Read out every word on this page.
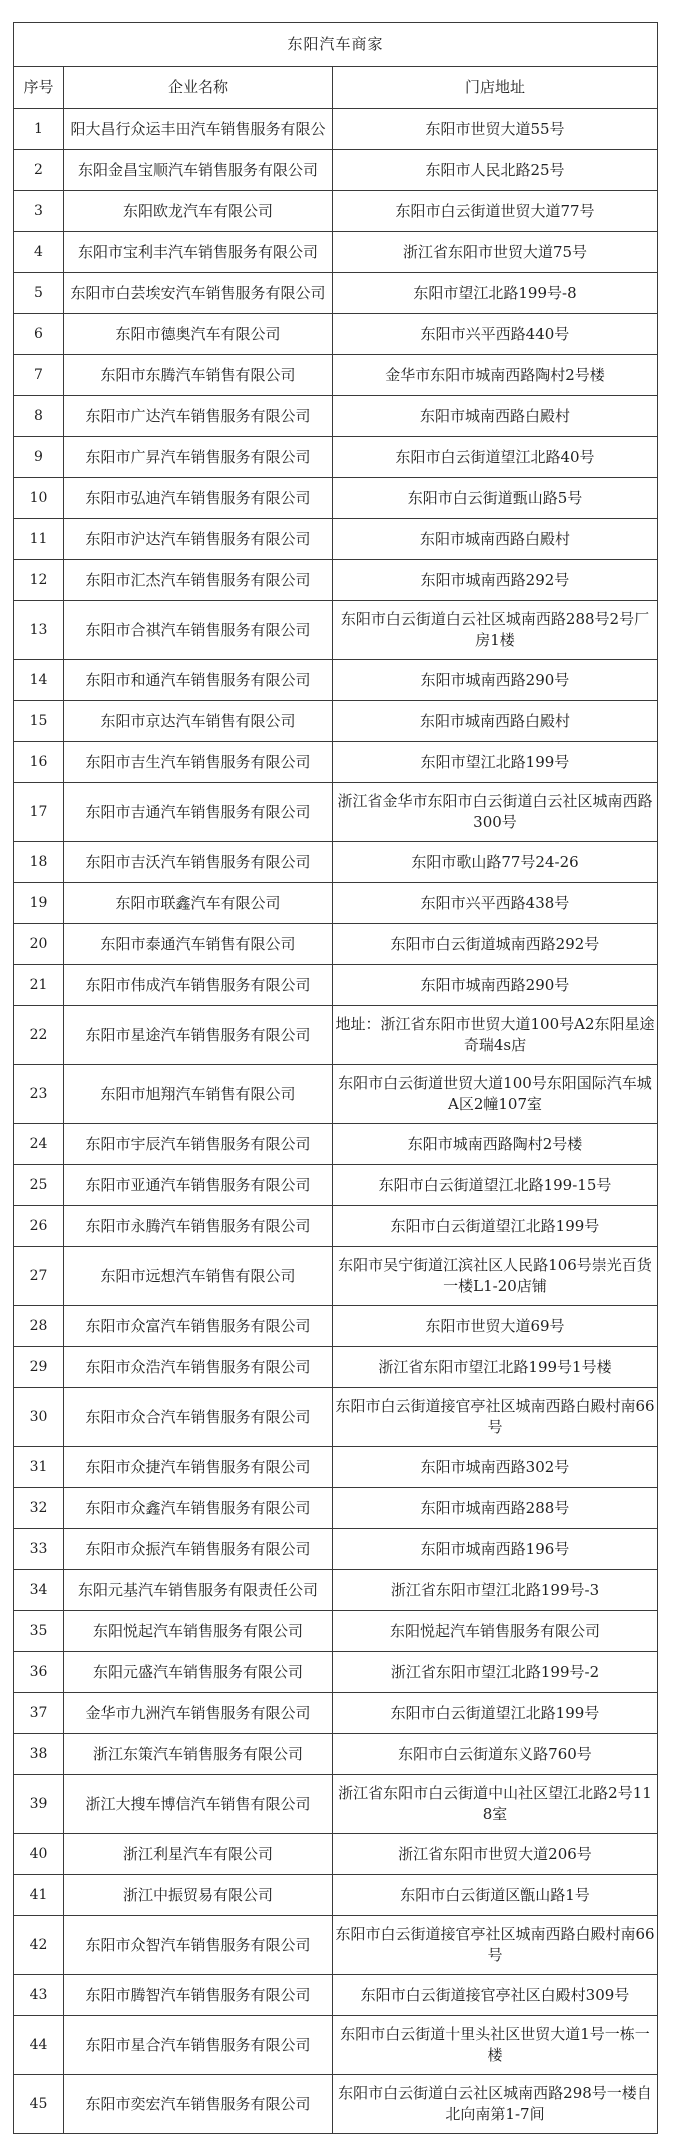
东阳汽车商家		
序号	企业名称	门店地址
1	阳大昌行众运丰田汽车销售服务有限公	东阳市世贸大道55号
2	东阳金昌宝顺汽车销售服务有限公司	东阳市人民北路25号
3	东阳欧龙汽车有限公司	东阳市白云街道世贸大道77号
4	东阳市宝利丰汽车销售服务有限公司	浙江省东阳市世贸大道75号
5	东阳市白芸埃安汽车销售服务有限公司	东阳市望江北路199号-8
6	东阳市德奥汽车有限公司	东阳市兴平西路440号
7	东阳市东腾汽车销售有限公司	金华市东阳市城南西路陶村2号楼
8	东阳市广达汽车销售服务有限公司	东阳市城南西路白殿村
9	东阳市广昇汽车销售服务有限公司	东阳市白云街道望江北路40号
10	东阳市弘迪汽车销售服务有限公司	东阳市白云街道甄山路5号
11	东阳市沪达汽车销售服务有限公司	东阳市城南西路白殿村
12	东阳市汇杰汽车销售服务有限公司	东阳市城南西路292号
13	东阳市合祺汽车销售服务有限公司	东阳市白云街道白云社区城南西路288号2号厂房1楼
14	东阳市和通汽车销售服务有限公司	东阳市城南西路290号
15	东阳市京达汽车销售有限公司	东阳市城南西路白殿村
16	东阳市吉生汽车销售服务有限公司	东阳市望江北路199号
17	东阳市吉通汽车销售服务有限公司	浙江省金华市东阳市白云街道白云社区城南西路300号
18	东阳市吉沃汽车销售服务有限公司	东阳市歌山路77号24-26
19	东阳市联鑫汽车有限公司	东阳市兴平西路438号
20	东阳市泰通汽车销售有限公司	东阳市白云街道城南西路292号
21	东阳市伟成汽车销售服务有限公司	东阳市城南西路290号
22	东阳市星途汽车销售服务有限公司	地址：浙江省东阳市世贸大道100号A2东阳星途奇瑞4s店
23	东阳市旭翔汽车销售有限公司	东阳市白云街道世贸大道100号东阳国际汽车城A区2幢107室
24	东阳市宇辰汽车销售服务有限公司	东阳市城南西路陶村2号楼
25	东阳市亚通汽车销售服务有限公司	东阳市白云街道望江北路199-15号
26	东阳市永腾汽车销售服务有限公司	东阳市白云街道望江北路199号
27	东阳市远想汽车销售有限公司	东阳市吴宁街道江滨社区人民路106号崇光百货一楼L1-20店铺
28	东阳市众富汽车销售服务有限公司	东阳市世贸大道69号
29	东阳市众浩汽车销售服务有限公司	浙江省东阳市望江北路199号1号楼
30	东阳市众合汽车销售服务有限公司	东阳市白云街道接官亭社区城南西路白殿村南66号
31	东阳市众捷汽车销售服务有限公司	东阳市城南西路302号
32	东阳市众鑫汽车销售服务有限公司	东阳市城南西路288号
33	东阳市众振汽车销售服务有限公司	东阳市城南西路196号
34	东阳元基汽车销售服务有限责任公司	浙江省东阳市望江北路199号-3
35	东阳悦起汽车销售服务有限公司	东阳悦起汽车销售服务有限公司
36	东阳元盛汽车销售服务有限公司	浙江省东阳市望江北路199号-2
37	金华市九洲汽车销售服务有限公司	东阳市白云街道望江北路199号
38	浙江东策汽车销售服务有限公司	东阳市白云街道东义路760号
39	浙江大搜车博信汽车销售有限公司	浙江省东阳市白云街道中山社区望江北路2号118室
40	浙江利星汽车有限公司	浙江省东阳市世贸大道206号
41	浙江中振贸易有限公司	东阳市白云街道区甑山路1号
42	东阳市众智汽车销售服务有限公司	东阳市白云街道接官亭社区城南西路白殿村南66号
43	东阳市腾智汽车销售服务有限公司	东阳市白云街道接官亭社区白殿村309号
44	东阳市星合汽车销售服务有限公司	东阳市白云街道十里头社区世贸大道1号一栋一楼
45	东阳市奕宏汽车销售服务有限公司	东阳市白云街道白云社区城南西路298号一楼自北向南第1-7间
